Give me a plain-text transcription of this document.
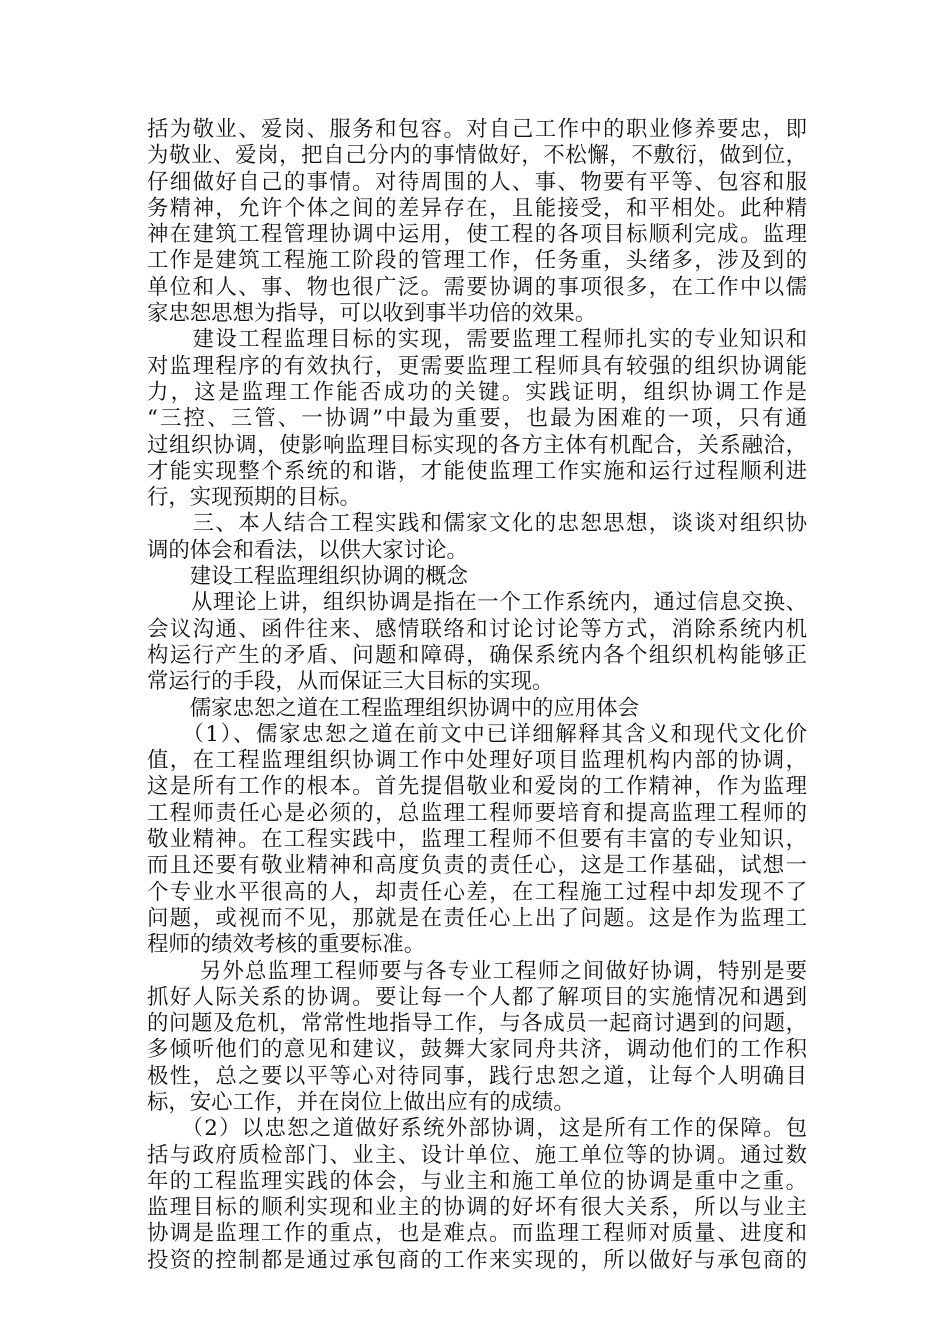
括为敬业、爱岗、服务和包容。对自己工作中的职业修养要忠，即
为敬业、爱岗，把自己分内的事情做好，不松懈，不敷衍，做到位，
仔细做好自己的事情。对待周围的人、事、物要有平等、包容和服
务精神，允许个体之间的差异存在，且能接受，和平相处。此种精
神在建筑工程管理协调中运用，使工程的各项目标顺利完成。监理
工作是建筑工程施工阶段的管理工作，任务重，头绪多，涉及到的
单位和人、事、物也很广泛。需要协调的事项很多，在工作中以儒
家忠恕思想为指导，可以收到事半功倍的效果。
　　建设工程监理目标的实现，需要监理工程师扎实的专业知识和
对监理程序的有效执行，更需要监理工程师具有较强的组织协调能
力，这是监理工作能否成功的关键。实践证明，组织协调工作是
“三控、三管、一协调”中最为重要，也最为困难的一项，只有通
过组织协调，使影响监理目标实现的各方主体有机配合，关系融洽，
才能实现整个系统的和谐，才能使监理工作实施和运行过程顺利进
行，实现预期的目标。
　　三、本人结合工程实践和儒家文化的忠恕思想，谈谈对组织协
调的体会和看法，以供大家讨论。
　　建设工程监理组织协调的概念
　　从理论上讲，组织协调是指在一个工作系统内，通过信息交换、
会议沟通、函件往来、感情联络和讨论讨论等方式，消除系统内机
构运行产生的矛盾、问题和障碍，确保系统内各个组织机构能够正
常运行的手段，从而保证三大目标的实现。
　　儒家忠恕之道在工程监理组织协调中的应用体会
　　（1）、儒家忠恕之道在前文中已详细解释其含义和现代文化价
值，在工程监理组织协调工作中处理好项目监理机构内部的协调，
这是所有工作的根本。首先提倡敬业和爱岗的工作精神，作为监理
工程师责任心是必须的，总监理工程师要培育和提高监理工程师的
敬业精神。在工程实践中，监理工程师不但要有丰富的专业知识，
而且还要有敬业精神和高度负责的责任心，这是工作基础，试想一
个专业水平很高的人，却责任心差，在工程施工过程中却发现不了
问题，或视而不见，那就是在责任心上出了问题。这是作为监理工
程师的绩效考核的重要标准。
　　 另外总监理工程师要与各专业工程师之间做好协调，特别是要
抓好人际关系的协调。要让每一个人都了解项目的实施情况和遇到
的问题及危机，常常性地指导工作，与各成员一起商讨遇到的问题，
多倾听他们的意见和建议，鼓舞大家同舟共济，调动他们的工作积
极性，总之要以平等心对待同事，践行忠恕之道，让每个人明确目
标，安心工作，并在岗位上做出应有的成绩。
　　（2）以忠恕之道做好系统外部协调，这是所有工作的保障。包
括与政府质检部门、业主、设计单位、施工单位等的协调。通过数
年的工程监理实践的体会，与业主和施工单位的协调是重中之重。
监理目标的顺利实现和业主的协调的好坏有很大关系，所以与业主
协调是监理工作的重点，也是难点。而监理工程师对质量、进度和
投资的控制都是通过承包商的工作来实现的，所以做好与承包商的
